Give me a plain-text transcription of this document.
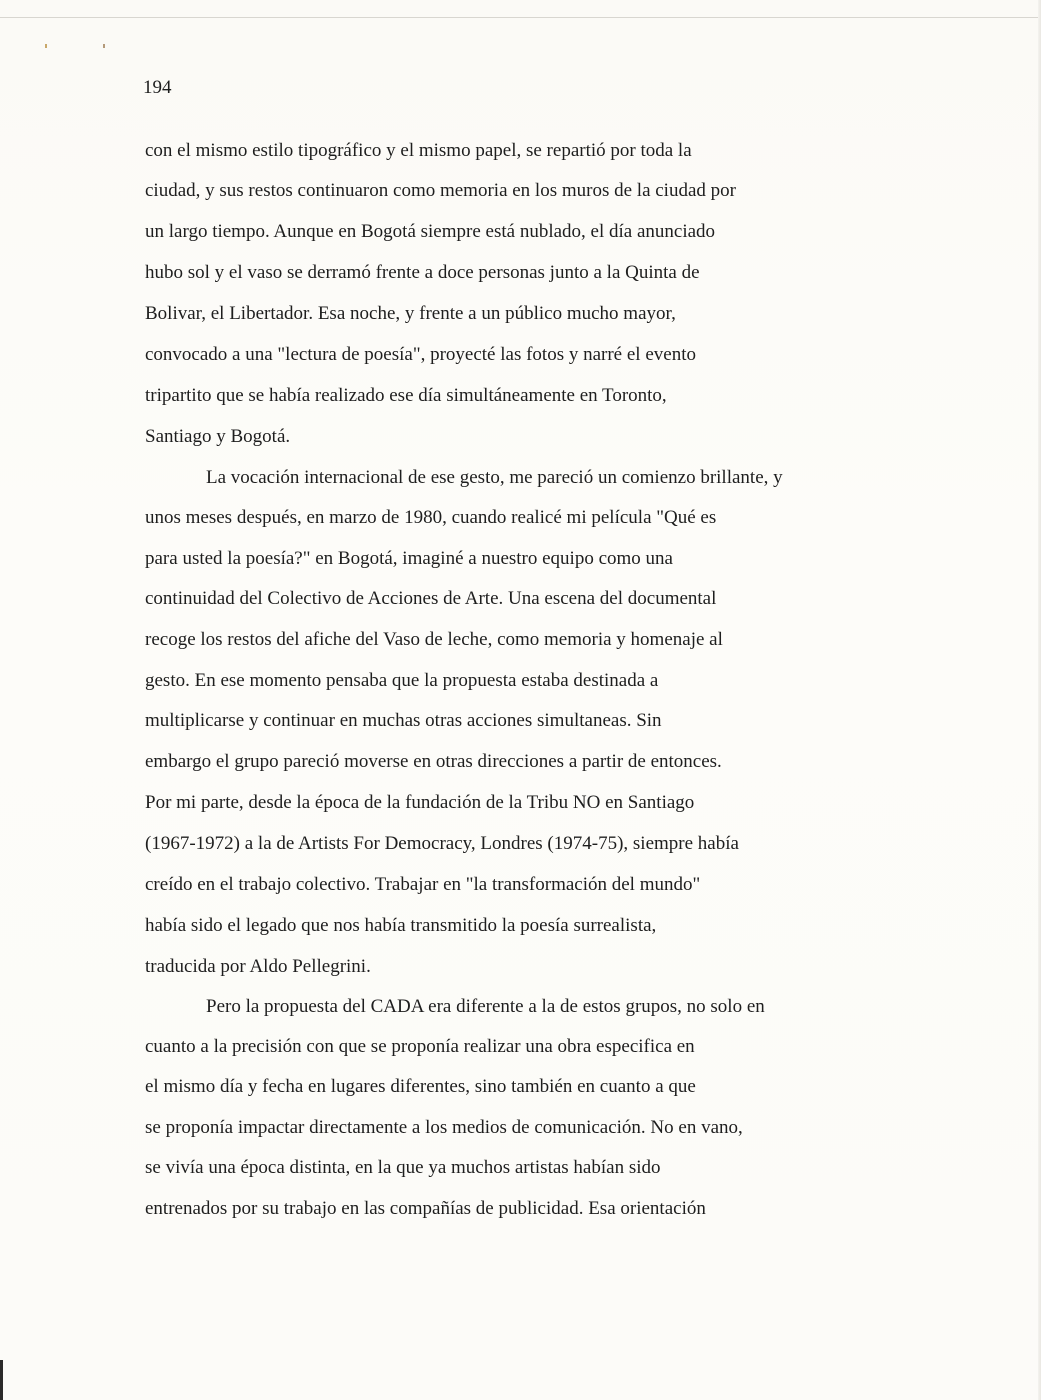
194
con el mismo estilo tipográfico y el mismo papel, se repartió por toda la
ciudad, y sus restos continuaron como memoria en los muros de la ciudad por
un largo tiempo. Aunque en Bogotá siempre está nublado, el día anunciado
hubo sol y el vaso se derramó frente a doce personas junto a la Quinta de
Bolivar, el Libertador. Esa noche, y frente a un público mucho mayor,
convocado a una "lectura de poesía", proyecté las fotos y narré el evento
tripartito que se había realizado ese día simultáneamente en Toronto,
Santiago y Bogotá.
La vocación internacional de ese gesto, me pareció un comienzo brillante, y
unos meses después, en marzo de 1980, cuando realicé mi película "Qué es
para usted la poesía?" en Bogotá, imaginé a nuestro equipo como una
continuidad del Colectivo de Acciones de Arte. Una escena del documental
recoge los restos del afiche del Vaso de leche, como memoria y homenaje al
gesto. En ese momento pensaba que la propuesta estaba destinada a
multiplicarse y continuar en muchas otras acciones simultaneas. Sin
embargo el grupo pareció moverse en otras direcciones a partir de entonces.
Por mi parte, desde la época de la fundación de la Tribu NO en Santiago
(1967-1972) a la de Artists For Democracy, Londres (1974-75), siempre había
creído en el trabajo colectivo. Trabajar en "la transformación del mundo"
había sido el legado que nos había transmitido la poesía surrealista,
traducida por Aldo Pellegrini.
Pero la propuesta del CADA era diferente a la de estos grupos, no solo en
cuanto a la precisión con que se proponía realizar una obra especifica en
el mismo día y fecha en lugares diferentes, sino también en cuanto a que
se proponía impactar directamente a los medios de comunicación. No en vano,
se vivía una época distinta, en la que ya muchos artistas habían sido
entrenados por su trabajo en las compañías de publicidad. Esa orientación
